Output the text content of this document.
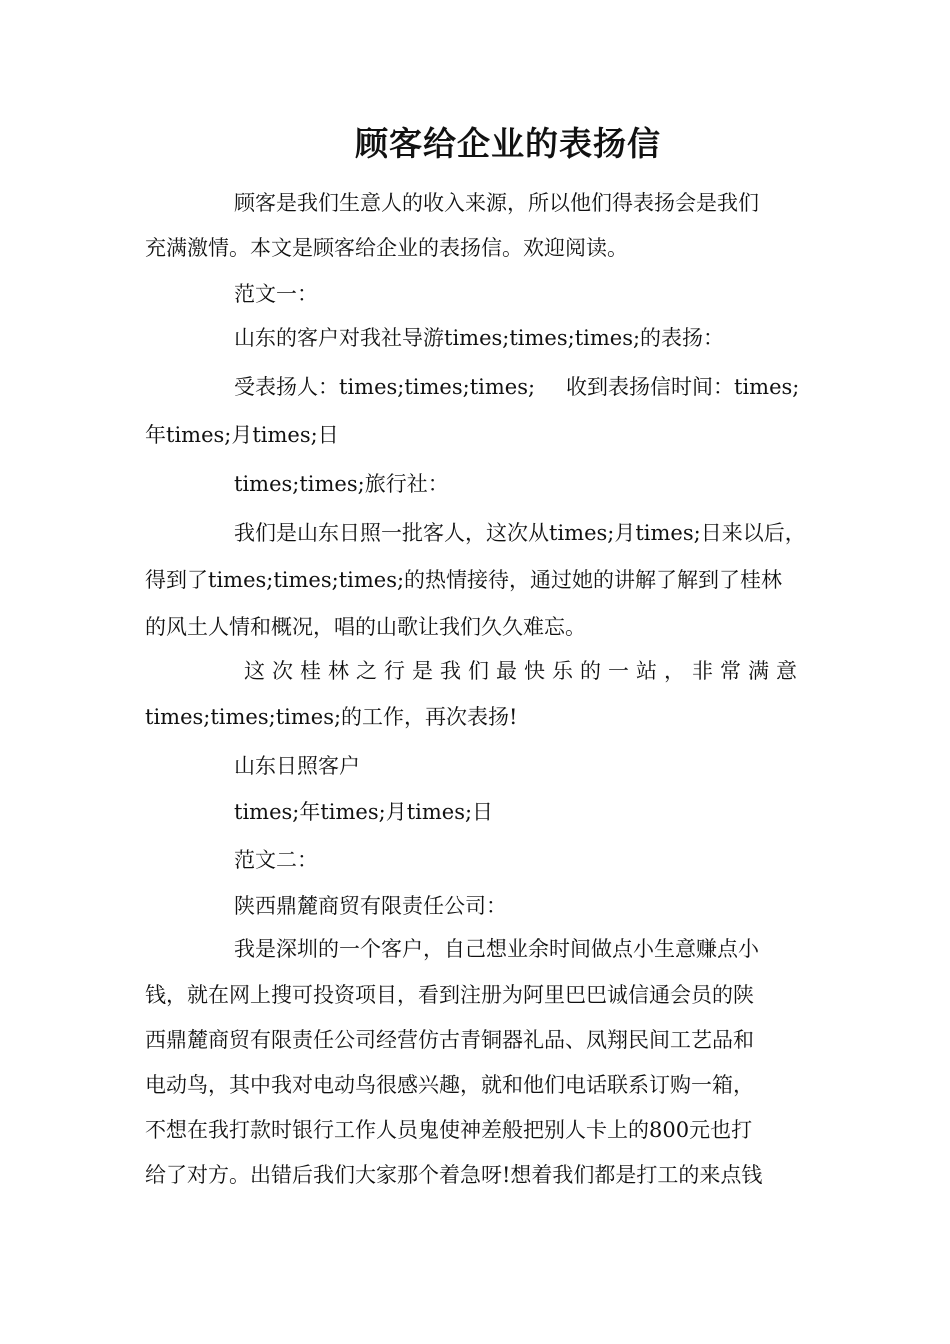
顾客给企业的表扬信
顾客是我们生意人的收入来源，所以他们得表扬会是我们
充满激情。本文是顾客给企业的表扬信。欢迎阅读。
范文一：
山东的客户对我社导游times;times;times;的表扬：
受表扬人：times;times;times; 收到表扬信时间：times;
年times;月times;日
times;times;旅行社：
我们是山东日照一批客人，这次从times;月times;日来以后，
得到了times;times;times;的热情接待，通过她的讲解了解到了桂林
的风土人情和概况，唱的山歌让我们久久难忘。
这次桂林之行是我们最快乐的一站，非常满意
times;times;times;的工作，再次表扬!
山东日照客户
times;年times;月times;日
范文二：
陕西鼎麓商贸有限责任公司：
我是深圳的一个客户，自己想业余时间做点小生意赚点小
钱，就在网上搜可投资项目，看到注册为阿里巴巴诚信通会员的陕
西鼎麓商贸有限责任公司经营仿古青铜器礼品、凤翔民间工艺品和
电动鸟，其中我对电动鸟很感兴趣，就和他们电话联系订购一箱，
不想在我打款时银行工作人员鬼使神差般把别人卡上的800元也打
给了对方。出错后我们大家那个着急呀!想着我们都是打工的来点钱
